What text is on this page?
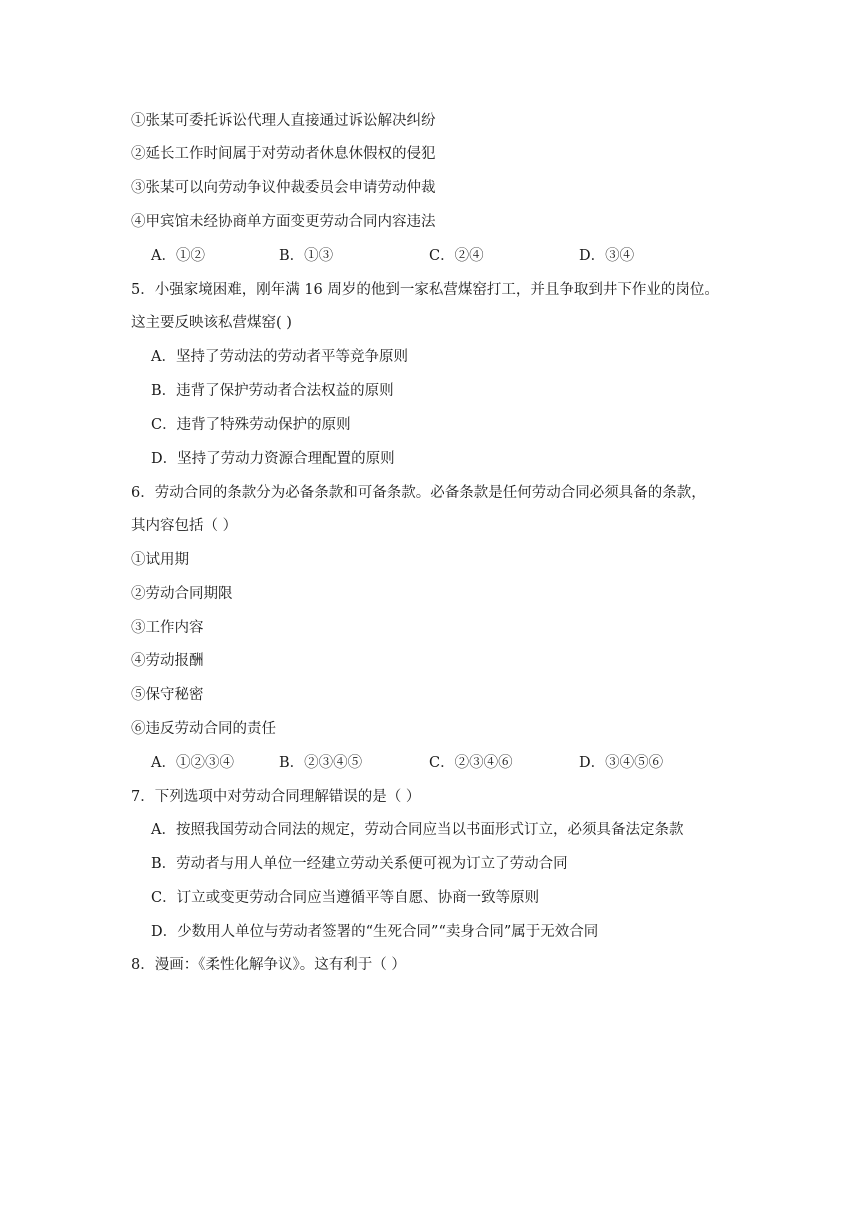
①张某可委托诉讼代理人直接通过诉讼解决纠纷
②延长工作时间属于对劳动者休息休假权的侵犯
③张某可以向劳动争议仲裁委员会申请劳动仲裁
④甲宾馆未经协商单方面变更劳动合同内容违法
A．①②	B．①③	C．②④	D．③④
5．小强家境困难，刚年满 16 周岁的他到一家私营煤窑打工，并且争取到井下作业的岗位。
这主要反映该私营煤窑( )
A．坚持了劳动法的劳动者平等竞争原则
B．违背了保护劳动者合法权益的原则
C．违背了特殊劳动保护的原则
D．坚持了劳动力资源合理配置的原则
6．劳动合同的条款分为必备条款和可备条款。必备条款是任何劳动合同必须具备的条款，
其内容包括（ ）
①试用期
②劳动合同期限
③工作内容
④劳动报酬
⑤保守秘密
⑥违反劳动合同的责任
A．①②③④	B．②③④⑤	C．②③④⑥	D．③④⑤⑥
7．下列选项中对劳动合同理解错误的是（ ）
A．按照我国劳动合同法的规定，劳动合同应当以书面形式订立，必须具备法定条款
B．劳动者与用人单位一经建立劳动关系便可视为订立了劳动合同
C．订立或变更劳动合同应当遵循平等自愿、协商一致等原则
D．少数用人单位与劳动者签署的“生死合同”“卖身合同”属于无效合同
8．漫画：《柔性化解争议》。这有利于（ ）
